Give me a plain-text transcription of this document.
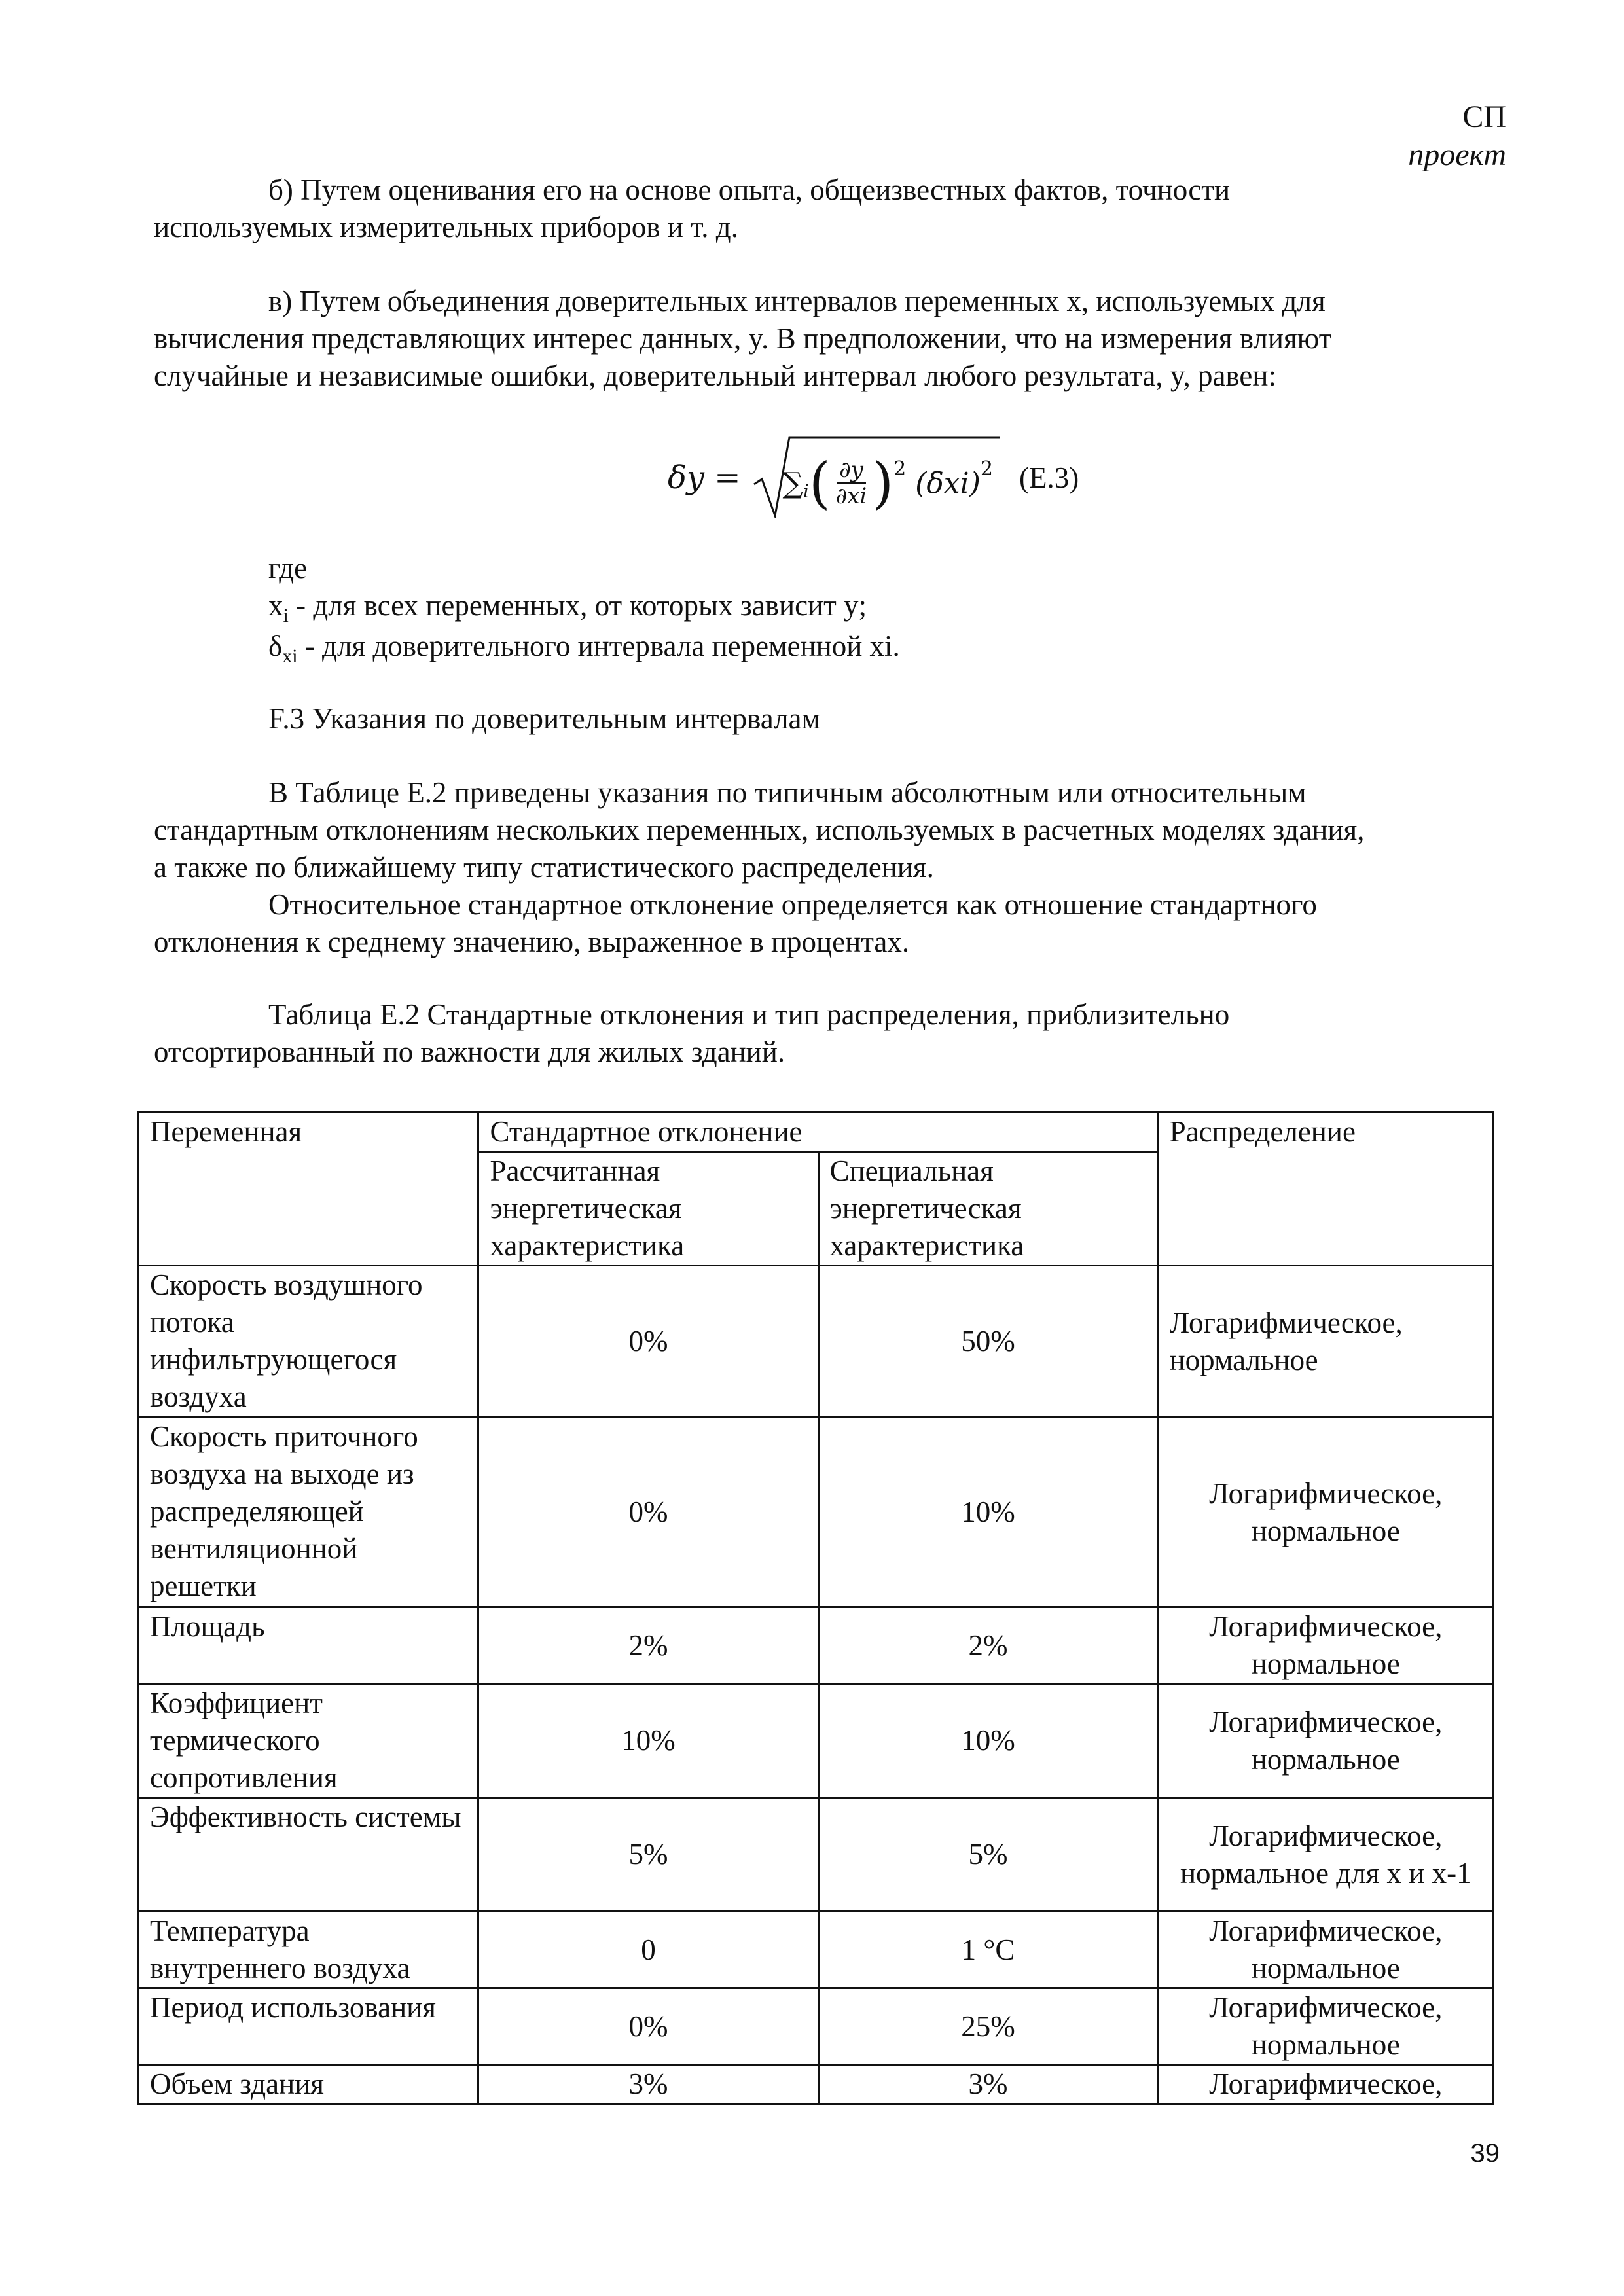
СП
проект

б) Путем оценивания его на основе опыта, общеизвестных фактов, точности
используемых измерительных приборов и т. д.

в) Путем объединения доверительных интервалов переменных x, используемых для
вычисления представляющих интерес данных, y. В предположении, что на измерения влияют
случайные и независимые ошибки, доверительный интервал любого результата, y, равен:

δy = ∑ i ( $\frac{\partial y}{\partial xi}$ ) 2 (δxi) 2 (E.3)
где
$x_i$ - для всех переменных, от которых зависит y;
$\delta_{xi}$ - для доверительного интервала переменной xi.

F.3 Указания по доверительным интервалам

В Таблице E.2 приведены указания по типичным абсолютным или относительным
стандартным отклонениям нескольких переменных, используемых в расчетных моделях здания,
а также по ближайшему типу статистического распределения.
Относительное стандартное отклонение определяется как отношение стандартного
отклонения к среднему значению, выраженное в процентах.

Таблица E.2 Стандартные отклонения и тип распределения, приблизительно
отсортированный по важности для жилых зданий.

Переменная	Стандартное отклонение		Распределение
	Рассчитанная энергетическая характеристика	Специальная энергетическая характеристика	
Скорость воздушного потока инфильтрующегося воздуха	0%	50%	Логарифмическое, нормальное
Скорость приточного воздуха на выходе из распределяющей вентиляционной решетки	0%	10%	Логарифмическое, нормальное
Площадь	2%	2%	Логарифмическое, нормальное
Коэффициент термического сопротивления	10%	10%	Логарифмическое, нормальное
Эффективность системы	5%	5%	Логарифмическое, нормальное для x и x-1
Температура внутреннего воздуха	0	1 °C	Логарифмическое, нормальное
Период использования	0%	25%	Логарифмическое, нормальное
Объем здания	3%	3%	Логарифмическое,
39
